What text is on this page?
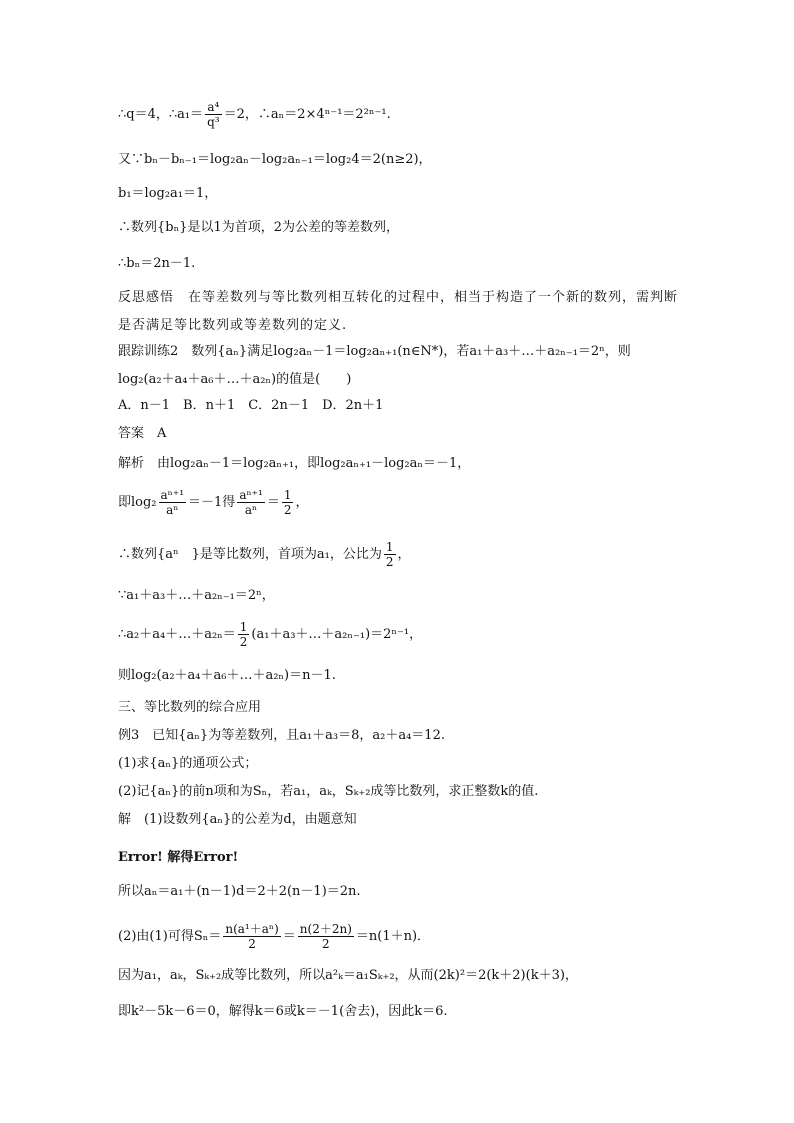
∴q＝4，∴a₁＝ $\frac{\text{a⁴}}{\text{q³}} =2$，∴aₙ＝2×4ⁿ⁻¹＝2²ⁿ⁻¹.
又∵bₙ－bₙ₋₁＝log₂aₙ－log₂aₙ₋₁＝log₂4＝2(n≥2)，
b₁＝log₂a₁＝1，
∴数列{bₙ}是以1为首项，2为公差的等差数列，
∴bₙ＝2n－1.
反思感悟　在等差数列与等比数列相互转化的过程中，相当于构造了一个新的数列，需判断
是否满足等比数列或等差数列的定义.
跟踪训练2　数列{aₙ}满足log₂aₙ－1＝log₂aₙ₊₁(n∈N*)，若a₁＋a₃＋…＋a₂ₙ₋₁＝2ⁿ，则
log₂(a₂＋a₄＋a₆＋…＋a₂ₙ)的值是(　　)
A．n－1　B．n＋1　C．2n－1　D．2n＋1
答案　A
解析　由log₂aₙ－1＝log₂aₙ₊₁，即log₂aₙ₊₁－log₂aₙ＝－1，
即$\log_2 \frac{\text{aⁿ⁺¹}}{\text{aⁿ}} =-1$得 $\frac{\text{aⁿ⁺¹}}{\text{aⁿ}} = \frac{1}{2}$ ，
∴数列{aⁿ　}是等比数列，首项为a₁，公比为 $\frac{1}{2}$ ，
∵a₁＋a₃＋…＋a₂ₙ₋₁＝2ⁿ，
∴a₂＋a₄＋…＋a₂ₙ＝ $\frac{1}{2}$ (a₁＋a₃＋…＋a₂ₙ₋₁)＝2ⁿ⁻¹，
则log₂(a₂＋a₄＋a₆＋…＋a₂ₙ)＝n－1.
三、等比数列的综合应用
例3　已知{aₙ}为等差数列，且a₁＋a₃＝8，a₂＋a₄＝12.
(1)求{aₙ}的通项公式；
(2)记{aₙ}的前n项和为Sₙ，若a₁，aₖ，Sₖ₊₂成等比数列，求正整数k的值.
解　(1)设数列{aₙ}的公差为d，由题意知
Error! 解得Error!
所以aₙ＝a₁＋(n－1)d＝2＋2(n－1)＝2n.
(2)由(1)可得$S_n= \frac{\text{n(a¹＋aⁿ)}}{2} = \frac{n(2+2n)}{2} =n(1+n)$．
因为a₁，aₖ，Sₖ₊₂成等比数列，所以a²ₖ＝a₁Sₖ₊₂，从而(2k)²＝2(k＋2)(k＋3)，
即k²－5k－6＝0，解得k＝6或k＝－1(舍去)，因此k＝6.
